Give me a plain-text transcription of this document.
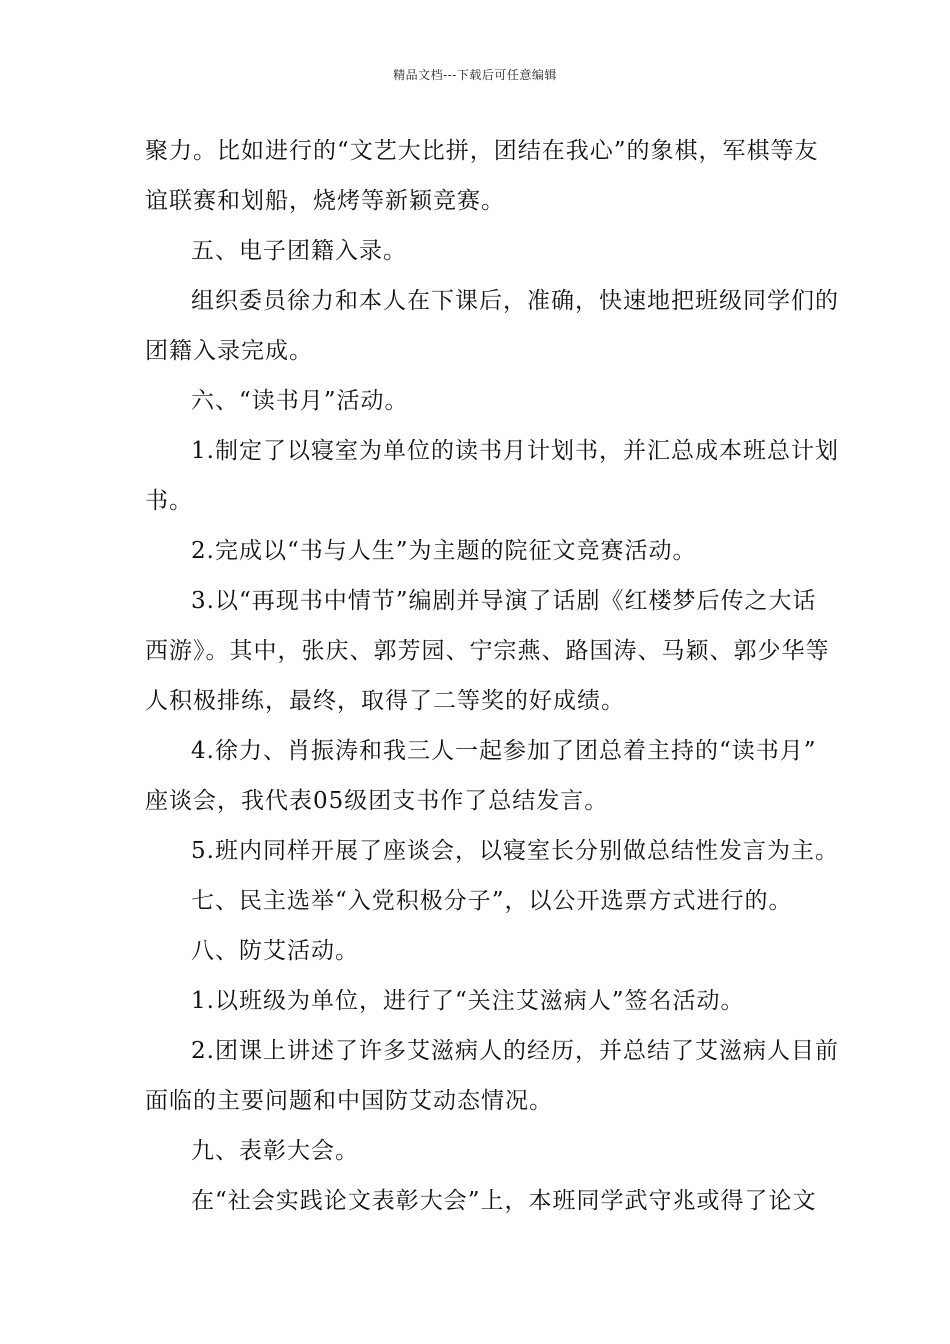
精品文档---下载后可任意编辑
聚力。比如进行的“文艺大比拼，团结在我心”的象棋，军棋等友
谊联赛和划船，烧烤等新颖竞赛。
五、电子团籍入录。
组织委员徐力和本人在下课后，准确，快速地把班级同学们的
团籍入录完成。
六、“读书月”活动。
1.制定了以寝室为单位的读书月计划书，并汇总成本班总计划
书。
2.完成以“书与人生”为主题的院征文竞赛活动。
3.以“再现书中情节”编剧并导演了话剧《红楼梦后传之大话
西游》。其中，张庆、郭芳园、宁宗燕、路国涛、马颖、郭少华等
人积极排练，最终，取得了二等奖的好成绩。
4.徐力、肖振涛和我三人一起参加了团总着主持的“读书月”
座谈会，我代表05级团支书作了总结发言。
5.班内同样开展了座谈会，以寝室长分别做总结性发言为主。
七、民主选举“入党积极分子”，以公开选票方式进行的。
八、防艾活动。
1.以班级为单位，进行了“关注艾滋病人”签名活动。
2.团课上讲述了许多艾滋病人的经历，并总结了艾滋病人目前
面临的主要问题和中国防艾动态情况。
九、表彰大会。
在“社会实践论文表彰大会”上，本班同学武守兆或得了论文
